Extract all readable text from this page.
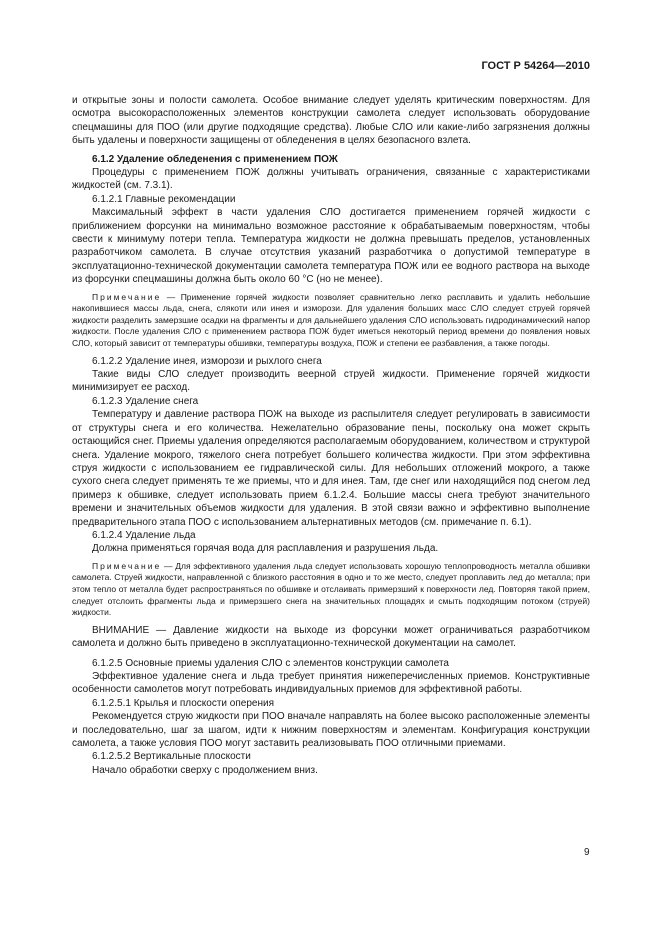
ГОСТ Р 54264—2010

и открытые зоны и полости самолета. Особое внимание следует уделять критическим поверхностям. Для осмотра высокорасположенных элементов конструкции самолета следует использовать оборудование спецмашины для ПОО (или другие подходящие средства). Любые СЛО или какие-либо загрязнения должны быть удалены и поверхности защищены от обледенения в целях безопасного взлета.

6.1.2 Удаление обледенения с применением ПОЖ

Процедуры с применением ПОЖ должны учитывать ограничения, связанные с характеристиками жидкостей (см. 7.3.1).

6.1.2.1 Главные рекомендации

Максимальный эффект в части удаления СЛО достигается применением горячей жидкости с приближением форсунки на минимально возможное расстояние к обрабатываемым поверхностям, чтобы свести к минимуму потери тепла. Температура жидкости не должна превышать пределов, установленных разработчиком самолета. В случае отсутствия указаний разработчика о допустимой температуре в эксплуатационно-технической документации самолета температура ПОЖ или ее водного раствора на выходе из форсунки спецмашины должна быть около 60 °С (но не менее).

Примечание — Применение горячей жидкости позволяет сравнительно легко расплавить и удалить небольшие накопившиеся массы льда, снега, слякоти или инея и изморози. Для удаления больших масс СЛО следует струей горячей жидкости разделить замерзшие осадки на фрагменты и для дальнейшего удаления СЛО использовать гидродинамический напор жидкости. После удаления СЛО с применением раствора ПОЖ будет иметься некоторый период времени до появления новых СЛО, который зависит от температуры обшивки, температуры воздуха, ПОЖ и степени ее разбавления, а также погоды.

6.1.2.2 Удаление инея, изморози и рыхлого снега

Такие виды СЛО следует производить веерной струей жидкости. Применение горячей жидкости минимизирует ее расход.

6.1.2.3 Удаление снега

Температуру и давление раствора ПОЖ на выходе из распылителя следует регулировать в зависимости от структуры снега и его количества. Нежелательно образование пены, поскольку она может скрыть остающийся снег. Приемы удаления определяются располагаемым оборудованием, количеством и структурой снега. Удаление мокрого, тяжелого снега потребует большего количества жидкости. При этом эффективна струя жидкости с использованием ее гидравлической силы. Для небольших отложений мокрого, а также сухого снега следует применять те же приемы, что и для инея. Там, где снег или находящийся под снегом лед примерз к обшивке, следует использовать прием 6.1.2.4. Большие массы снега требуют значительного времени и значительных объемов жидкости для удаления. В этой связи важно и эффективно выполнение предварительного этапа ПОО с использованием альтернативных методов (см. примечание п. 6.1).

6.1.2.4 Удаление льда

Должна применяться горячая вода для расплавления и разрушения льда.

Примечание — Для эффективного удаления льда следует использовать хорошую теплопроводность металла обшивки самолета. Струей жидкости, направленной с близкого расстояния в одно и то же место, следует проплавить лед до металла; при этом тепло от металла будет распространяться по обшивке и отслаивать примерзший к поверхности лед. Повторяя такой прием, следует отслоить фрагменты льда и примерзшего снега на значительных площадях и смыть подходящим потоком (струей) жидкости.

ВНИМАНИЕ — Давление жидкости на выходе из форсунки может ограничиваться разработчиком самолета и должно быть приведено в эксплуатационно-технической документации на самолет.

6.1.2.5 Основные приемы удаления СЛО с элементов конструкции самолета

Эффективное удаление снега и льда требует принятия нижеперечисленных приемов. Конструктивные особенности самолетов могут потребовать индивидуальных приемов для эффективной работы.

6.1.2.5.1 Крылья и плоскости оперения

Рекомендуется струю жидкости при ПОО вначале направлять на более высоко расположенные элементы и последовательно, шаг за шагом, идти к нижним поверхностям и элементам. Конфигурация конструкции самолета, а также условия ПОО могут заставить реализовывать ПОО отличными приемами.

6.1.2.5.2 Вертикальные плоскости

Начало обработки сверху с продолжением вниз.

9
